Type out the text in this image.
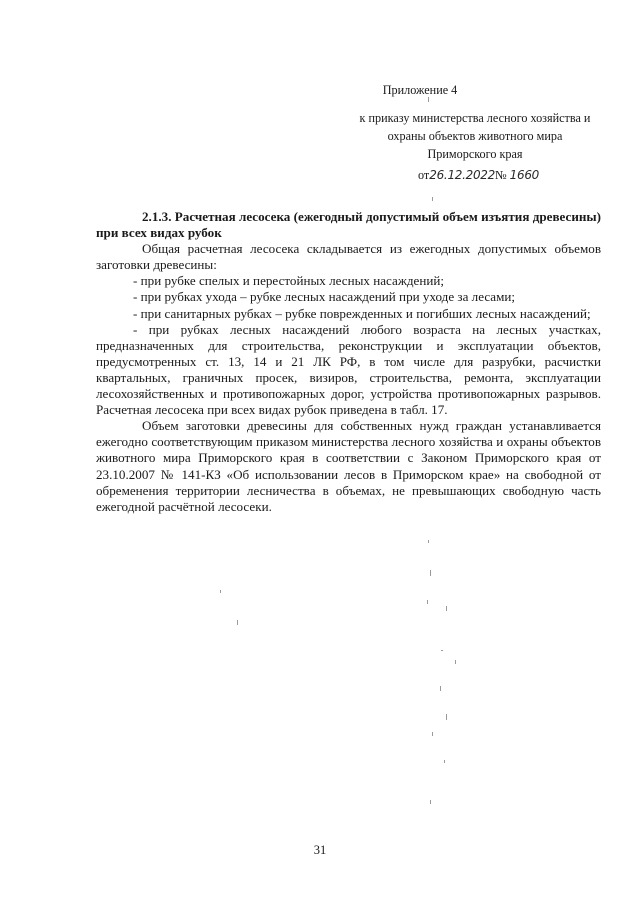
Приложение 4
к приказу министерства лесного хозяйства и
охраны объектов животного мира
Приморского края
от26.12.2022№ 1660

2.1.3. Расчетная лесосека (ежегодный допустимый объем изъятия древесины) при всех видах рубок

Общая расчетная лесосека складывается из ежегодных допустимых объемов заготовки древесины:

- при рубке спелых и перестойных лесных насаждений;

- при рубках ухода – рубке лесных насаждений при уходе за лесами;

- при санитарных рубках – рубке поврежденных и погибших лесных насаждений;

- при рубках лесных насаждений любого возраста на лесных участках, предназначенных для строительства, реконструкции и эксплуатации объектов, предусмотренных ст. 13, 14 и 21 ЛК РФ, в том числе для разрубки, расчистки квартальных, граничных просек, визиров, строительства, ремонта, эксплуатации лесохозяйственных и противопожарных дорог, устройства противопожарных разрывов. Расчетная лесосека при всех видах рубок приведена в табл. 17.

Объем заготовки древесины для собственных нужд граждан устанавливается ежегодно соответствующим приказом министерства лесного хозяйства и охраны объектов животного мира Приморского края в соответствии с Законом Приморского края от 23.10.2007 № 141-КЗ «Об использовании лесов в Приморском крае» на свободной от обременения территории лесничества в объемах, не превышающих свободную часть ежегодной расчётной лесосеки.

31
